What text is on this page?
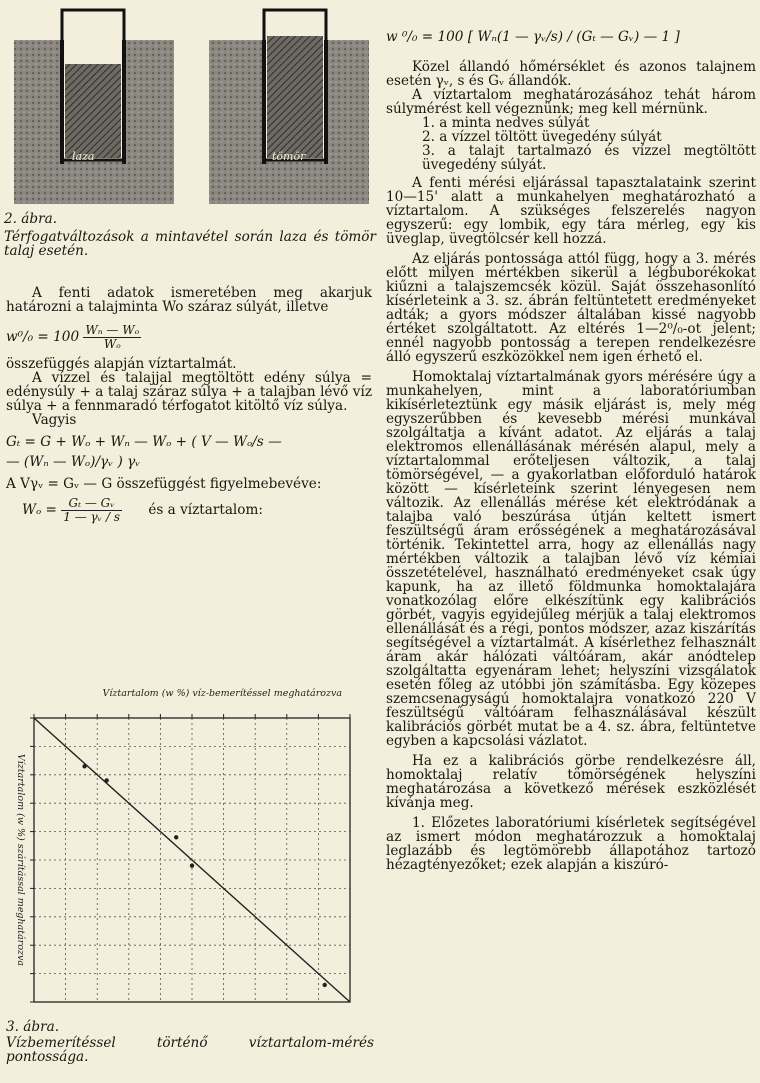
laza	tömör

2. ábra.

Térfogatváltozások a mintavétel során laza és tömör talaj esetén.

A fenti adatok ismeretében meg akarjuk határozni a talajminta Wo száraz súlyát, illetve

$w^0/_0 = 100 \frac{\text{Wₙ — Wₒ}}{\text{Wₒ}}$

összefüggés alapján víztartalmát.

A vízzel és talajjal megtöltött edény súlya = edénysúly + a talaj száraz súlya + a talajban lévő víz súlya + a fennmaradó térfogatot kitöltő víz súlya.

Vagyis

Gₜ = G + Wₒ + Wₙ — Wₒ + ( V — Wₒ/s —

— (Wₙ — Wₒ)/γᵥ ) γᵥ

A Vγᵥ = Gᵥ — G összefüggést figyelmebevéve:

$W_o = \frac{\text{Gₜ — Gᵥ}}{\text{1 — γᵥ / s}}$ és a víztartalom:

Víztartalom (w %) víz-bemerítéssel meghatározva
Víztartalom (w %) szárítással meghatározva

3. ábra.

Vízbemerítéssel történő víztartalom-mérés pontossága.

w ⁰/₀ = 100 [ Wₙ(1 — γᵥ/s) / (Gₜ — Gᵥ) — 1 ]

Közel állandó hőmérséklet és azonos talajnem esetén γᵥ, s és Gᵥ állandók.

A víztartalom meghatározásához tehát három súlymérést kell végeznünk; meg kell mérnünk.

1. a minta nedves súlyát

2. a vízzel töltött üvegedény súlyát

3. a talajt tartalmazó és vízzel megtöltött üvegedény súlyát.

A fenti mérési eljárással tapasztalataink szerint 10—15' alatt a munkahelyen meghatározható a víztartalom. A szükséges felszerelés nagyon egyszerű: egy lombik, egy tára mérleg, egy kis üveglap, üvegtölcsér kell hozzá.

Az eljárás pontossága attól függ, hogy a 3. mérés előtt milyen mértékben sikerül a légbuborékokat kiűzni a talajszemcsék közül. Saját összehasonlító kísérleteink a 3. sz. ábrán feltüntetett eredményeket adták; a gyors módszer általában kissé nagyobb értéket szolgáltatott. Az eltérés 1—2⁰/₀-ot jelent; ennél nagyobb pontosság a terepen rendelkezésre álló egyszerű eszközökkel nem igen érhető el.

Homoktalaj víztartalmának gyors mérésére úgy a munkahelyen, mint a laboratóriumban kikísérleteztünk egy másik eljárást is, mely még egyszerűbben és kevesebb mérési munkával szolgáltatja a kívánt adatot. Az eljárás a talaj elektromos ellenállásának mérésén alapul, mely a víztartalommal erőteljesen változik, a talaj tömörségével, — a gyakorlatban előforduló határok között — kísérleteink szerint lényegesen nem változik. Az ellenállás mérése két elektródának a talajba való beszúrása útján keltett ismert feszültségű áram erősségének a meghatározásával történik. Tekintettel arra, hogy az ellenállás nagy mértékben változik a talajban lévő víz kémiai összetételével, használható eredményeket csak úgy kapunk, ha az illető földmunka homoktalajára vonatkozólag előre elkészítünk egy kalibrációs görbét, vagyis egyidejűleg mérjük a talaj elektromos ellenállását és a régi, pontos módszer, azaz kiszárítás segítségével a víztartalmát. A kísérlethez felhasznált áram akár hálózati váltóáram, akár anódtelep szolgáltatta egyenáram lehet; helyszíni vizsgálatok esetén főleg az utóbbi jön számításba. Egy közepes szemcsenagyságú homoktalajra vonatkozó 220 V feszültségű váltóáram felhasználásával készült kalibrációs görbét mutat be a 4. sz. ábra, feltüntetve egyben a kapcsolási vázlatot.

Ha ez a kalibrációs görbe rendelkezésre áll, homoktalaj relatív tömörségének helyszíni meghatározása a következő mérések eszközlését kívánja meg.

1. Előzetes laboratóriumi kísérletek segítségével az ismert módon meghatározzuk a homoktalaj leglazább és legtömörebb állapotához tartozó hézagtényezőket; ezek alapján a kiszúró-
